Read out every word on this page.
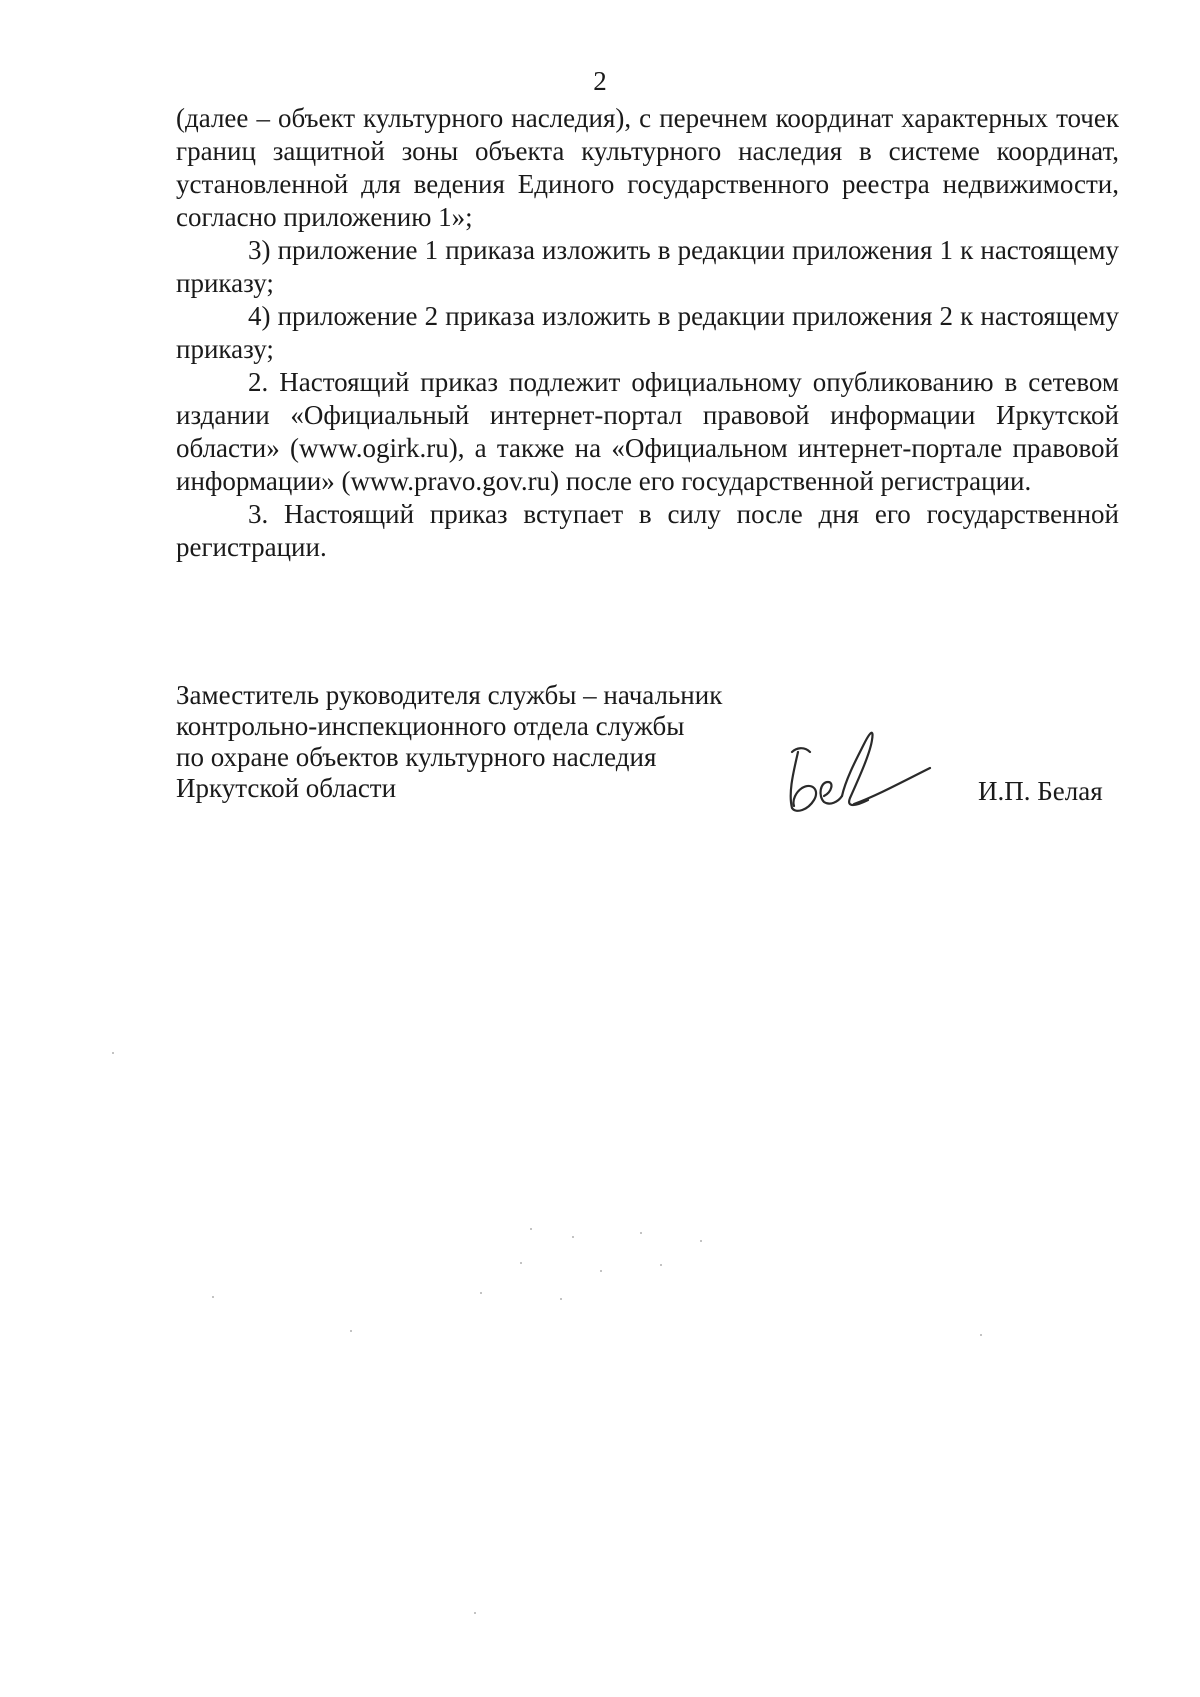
2

(далее – объект культурного наследия), с перечнем координат характерных точек границ защитной зоны объекта культурного наследия в системе координат, установленной для ведения Единого государственного реестра недвижимости, согласно приложению 1»;

3) приложение 1 приказа изложить в редакции приложения 1 к настоящему приказу;

4) приложение 2 приказа изложить в редакции приложения 2 к настоящему приказу;

2. Настоящий приказ подлежит официальному опубликованию в сетевом издании «Официальный интернет-портал правовой информации Иркутской области» (www.ogirk.ru), а также на «Официальном интернет-портале правовой информации» (www.pravo.gov.ru) после его государственной регистрации.

3. Настоящий приказ вступает в силу после дня его государственной регистрации.

Заместитель руководителя службы – начальник
контрольно-инспекционного отдела службы
по охране объектов культурного наследия
Иркутской области	И.П. Белая
